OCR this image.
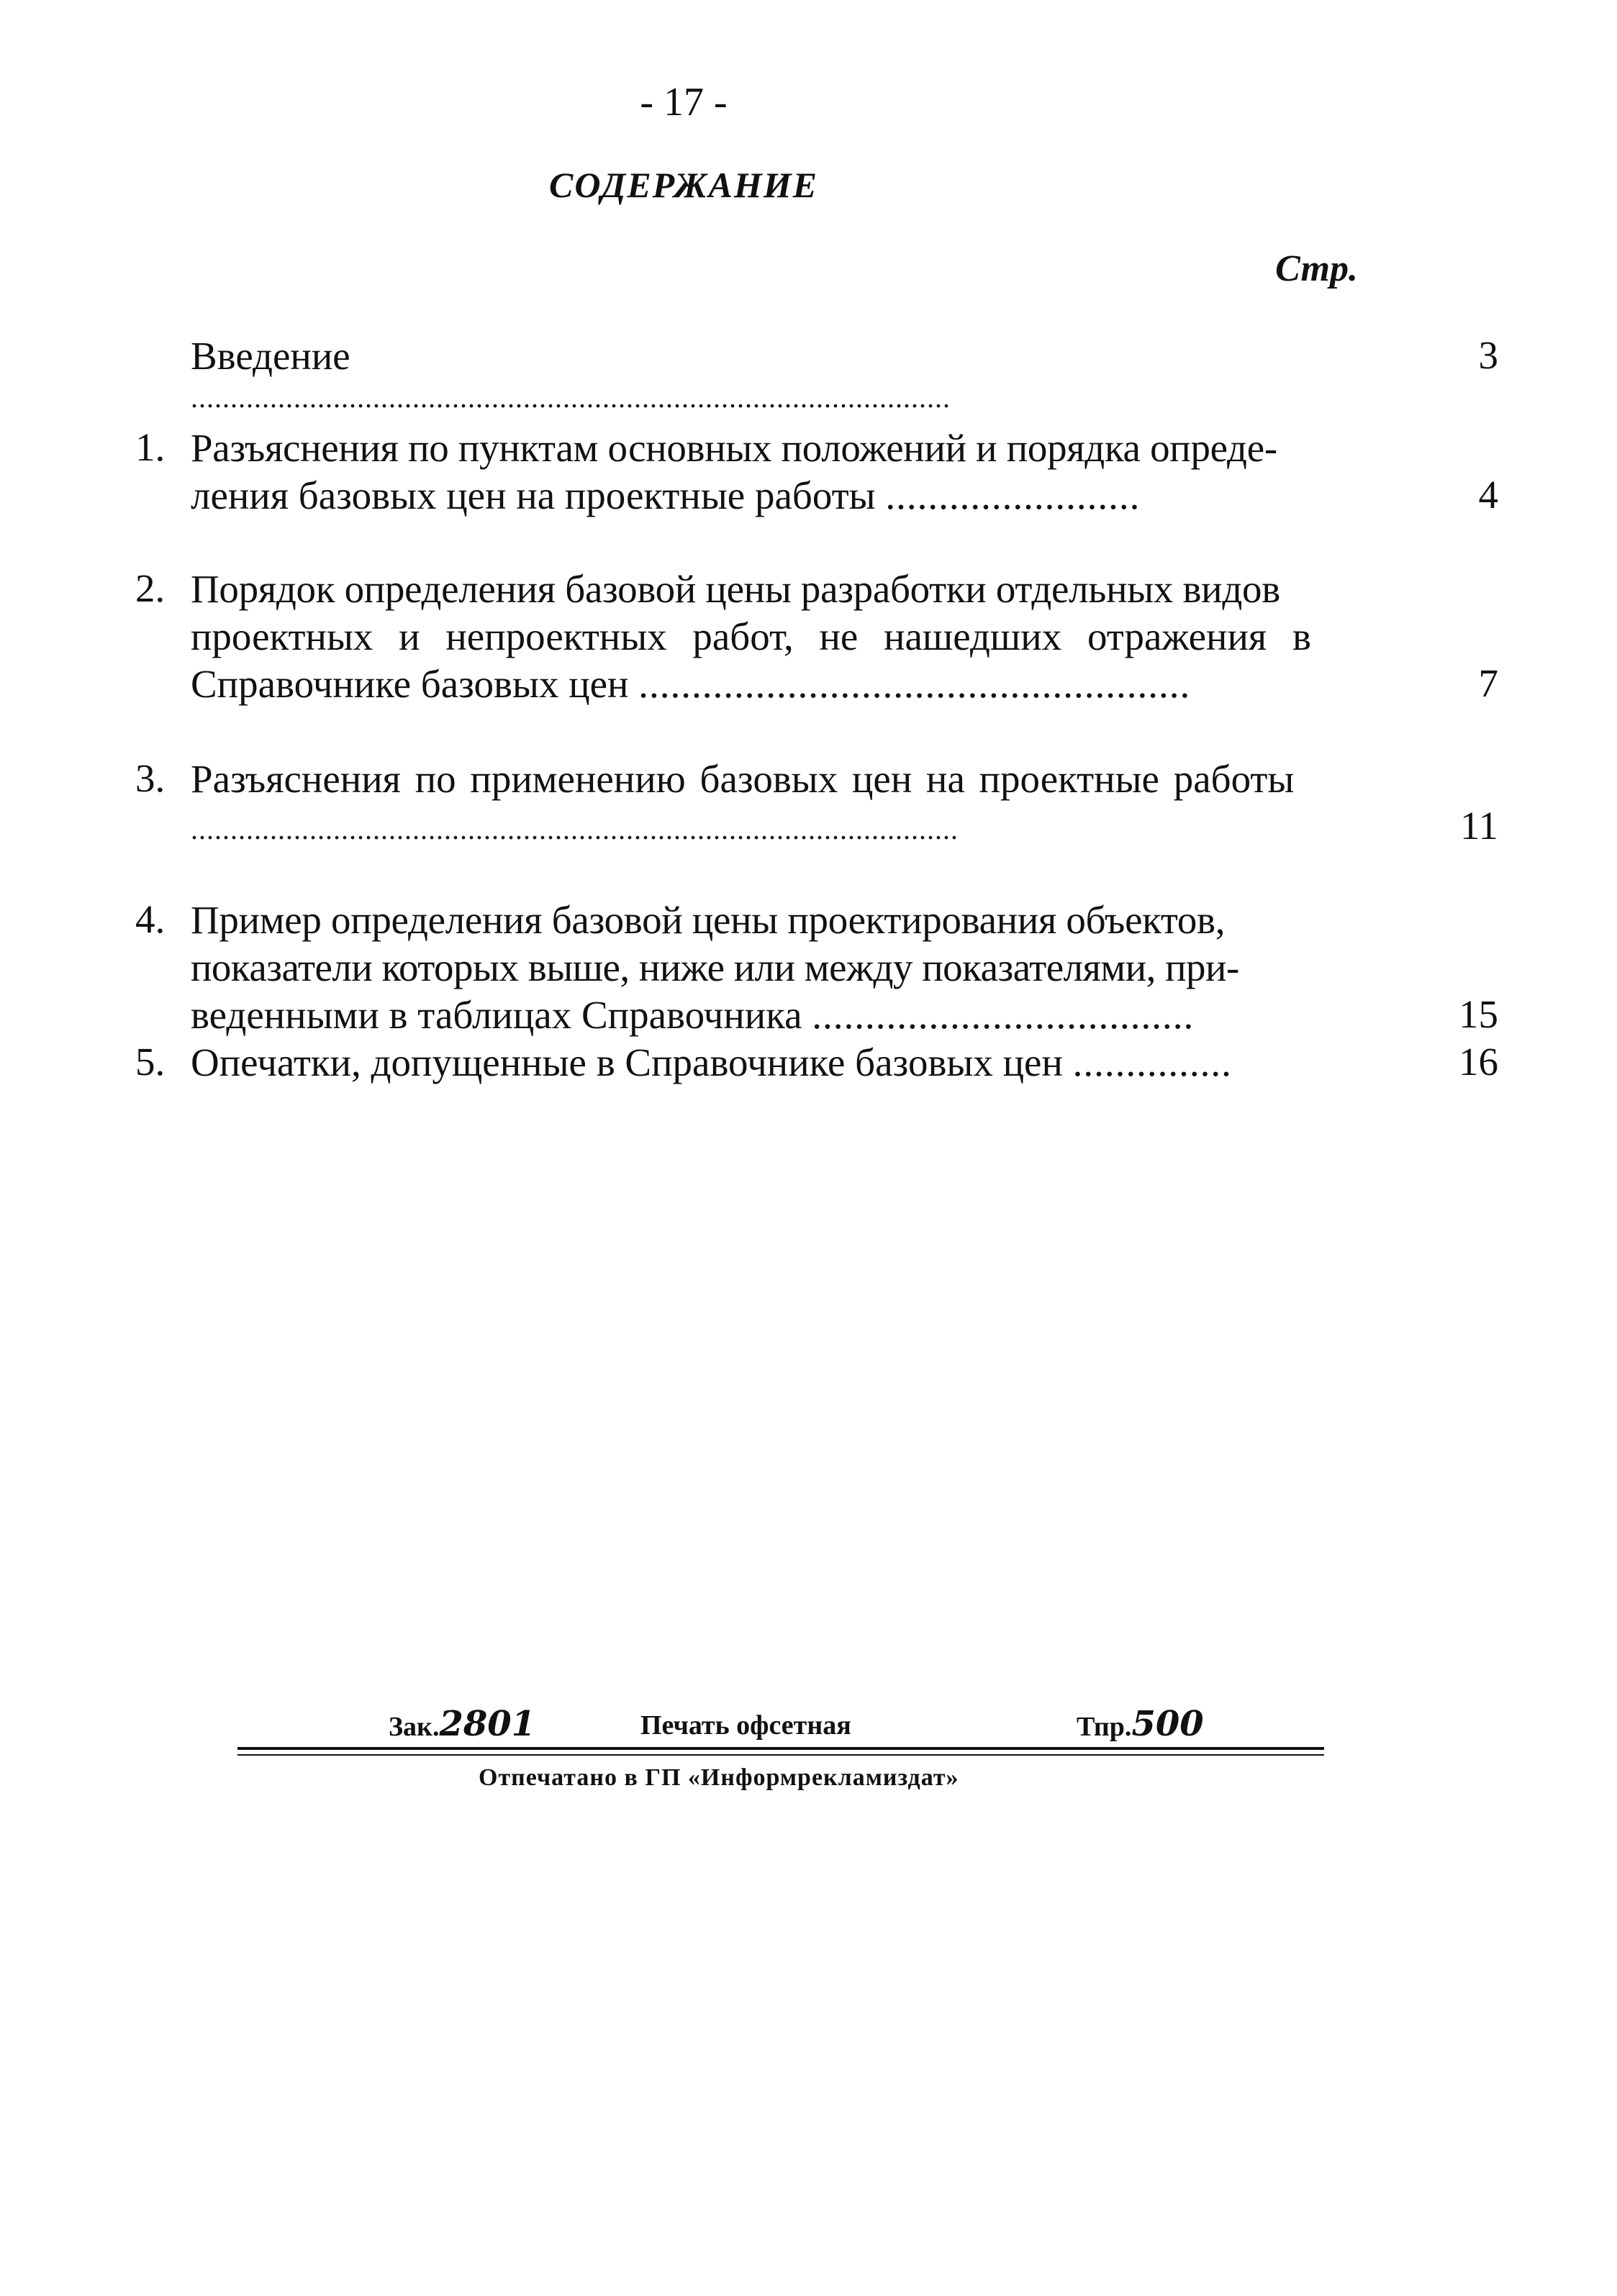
- 17 -
СОДЕРЖАНИЕ
Стр.
Введение	3
................................................................................................
1. Разъяснения по пунктам основных положений и порядка опреде-
ления базовых цен на проектные работы ........................	4
2. Порядок определения базовой цены разработки отдельных видов
проектных и непроектных работ, не нашедших отражения в
Справочнике базовых цен ....................................................	7
3. Разъяснения по применению базовых цен на проектные работы
.................................................................................................	11
4. Пример определения базовой цены проектирования объектов,
показатели которых выше, ниже или между показателями, при-
веденными в таблицах Справочника ....................................	15
5. Опечатки, допущенные в Справочнике базовых цен ...............	16
Зак.2801	Печать офсетная	Тпр.500
Отпечатано в ГП «Информрекламиздат»
